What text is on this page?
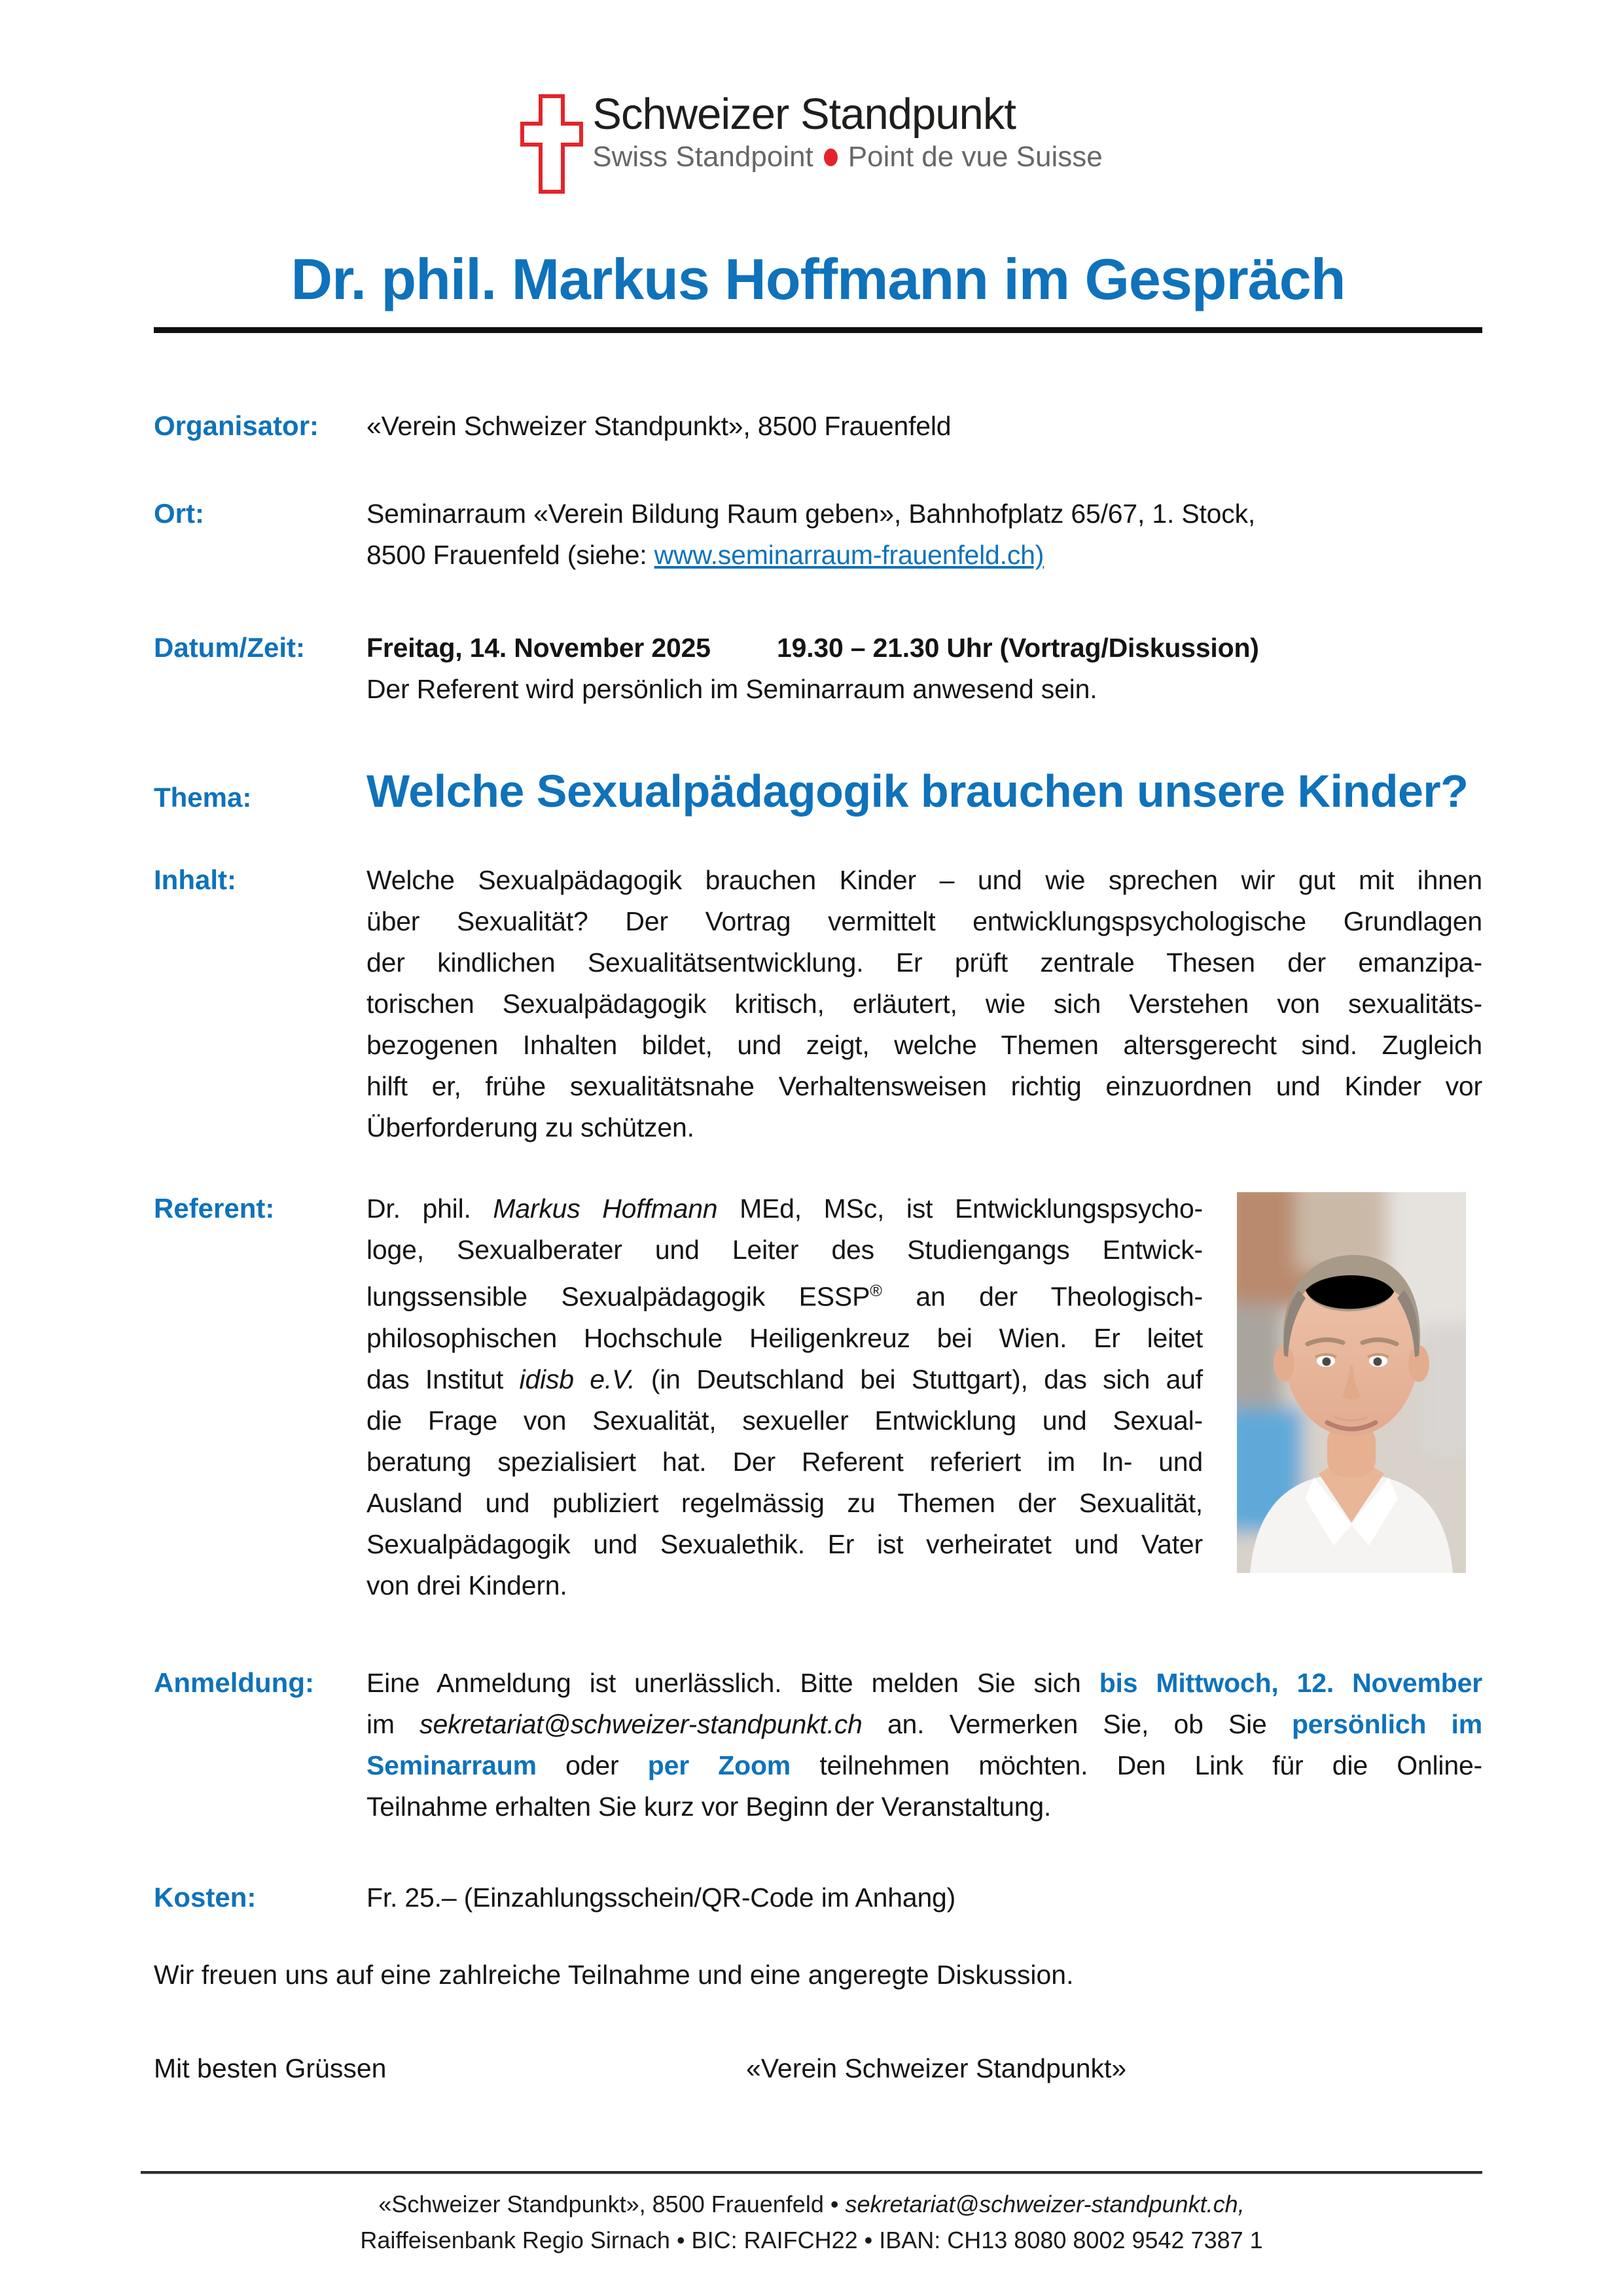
Schweizer Standpunkt
Swiss Standpoint Point de vue Suisse
Dr. phil. Markus Hoffmann im Gespräch
Organisator:	«Verein Schweizer Standpunkt», 8500 Frauenfeld
Ort:	Seminarraum «Verein Bildung Raum geben», Bahnhofplatz 65/67, 1. Stock,
8500 Frauenfeld (siehe: www.seminarraum-frauenfeld.ch)
Datum/Zeit:	Freitag, 14. November 2025 19.30 – 21.30 Uhr (Vortrag/Diskussion)
Der Referent wird persönlich im Seminarraum anwesend sein.
Thema:	Welche Sexualpädagogik brauchen unsere Kinder?
Inhalt:	Welche Sexualpädagogik brauchen Kinder – und wie sprechen wir gut mit ihnen
über Sexualität? Der Vortrag vermittelt entwicklungspsychologische Grundlagen
der kindlichen Sexualitätsentwicklung. Er prüft zentrale Thesen der emanzipa-
torischen Sexualpädagogik kritisch, erläutert, wie sich Verstehen von sexualitäts-
bezogenen Inhalten bildet, und zeigt, welche Themen altersgerecht sind. Zugleich
hilft er, frühe sexualitätsnahe Verhaltensweisen richtig einzuordnen und Kinder vor
Überforderung zu schützen.
Referent:	Dr. phil. Markus Hoffmann MEd, MSc, ist Entwicklungspsycho-
loge, Sexualberater und Leiter des Studiengangs Entwick-
lungssensible Sexualpädagogik ESSP® an der Theologisch-
philosophischen Hochschule Heiligenkreuz bei Wien. Er leitet
das Institut idisb e.V. (in Deutschland bei Stuttgart), das sich auf
die Frage von Sexualität, sexueller Entwicklung und Sexual-
beratung spezialisiert hat. Der Referent referiert im In- und
Ausland und publiziert regelmässig zu Themen der Sexualität,
Sexualpädagogik und Sexualethik. Er ist verheiratet und Vater
von drei Kindern.
Anmeldung:	Eine Anmeldung ist unerlässlich. Bitte melden Sie sich bis Mittwoch, 12. November
im sekretariat@schweizer-standpunkt.ch an. Vermerken Sie, ob Sie persönlich im
Seminarraum oder per Zoom teilnehmen möchten. Den Link für die Online-
Teilnahme erhalten Sie kurz vor Beginn der Veranstaltung.
Kosten:	Fr. 25.– (Einzahlungsschein/QR-Code im Anhang)
Wir freuen uns auf eine zahlreiche Teilnahme und eine angeregte Diskussion.
Mit besten Grüssen	«Verein Schweizer Standpunkt»
«Schweizer Standpunkt», 8500 Frauenfeld • sekretariat@schweizer-standpunkt.ch,
Raiffeisenbank Regio Sirnach • BIC: RAIFCH22 • IBAN: CH13 8080 8002 9542 7387 1
